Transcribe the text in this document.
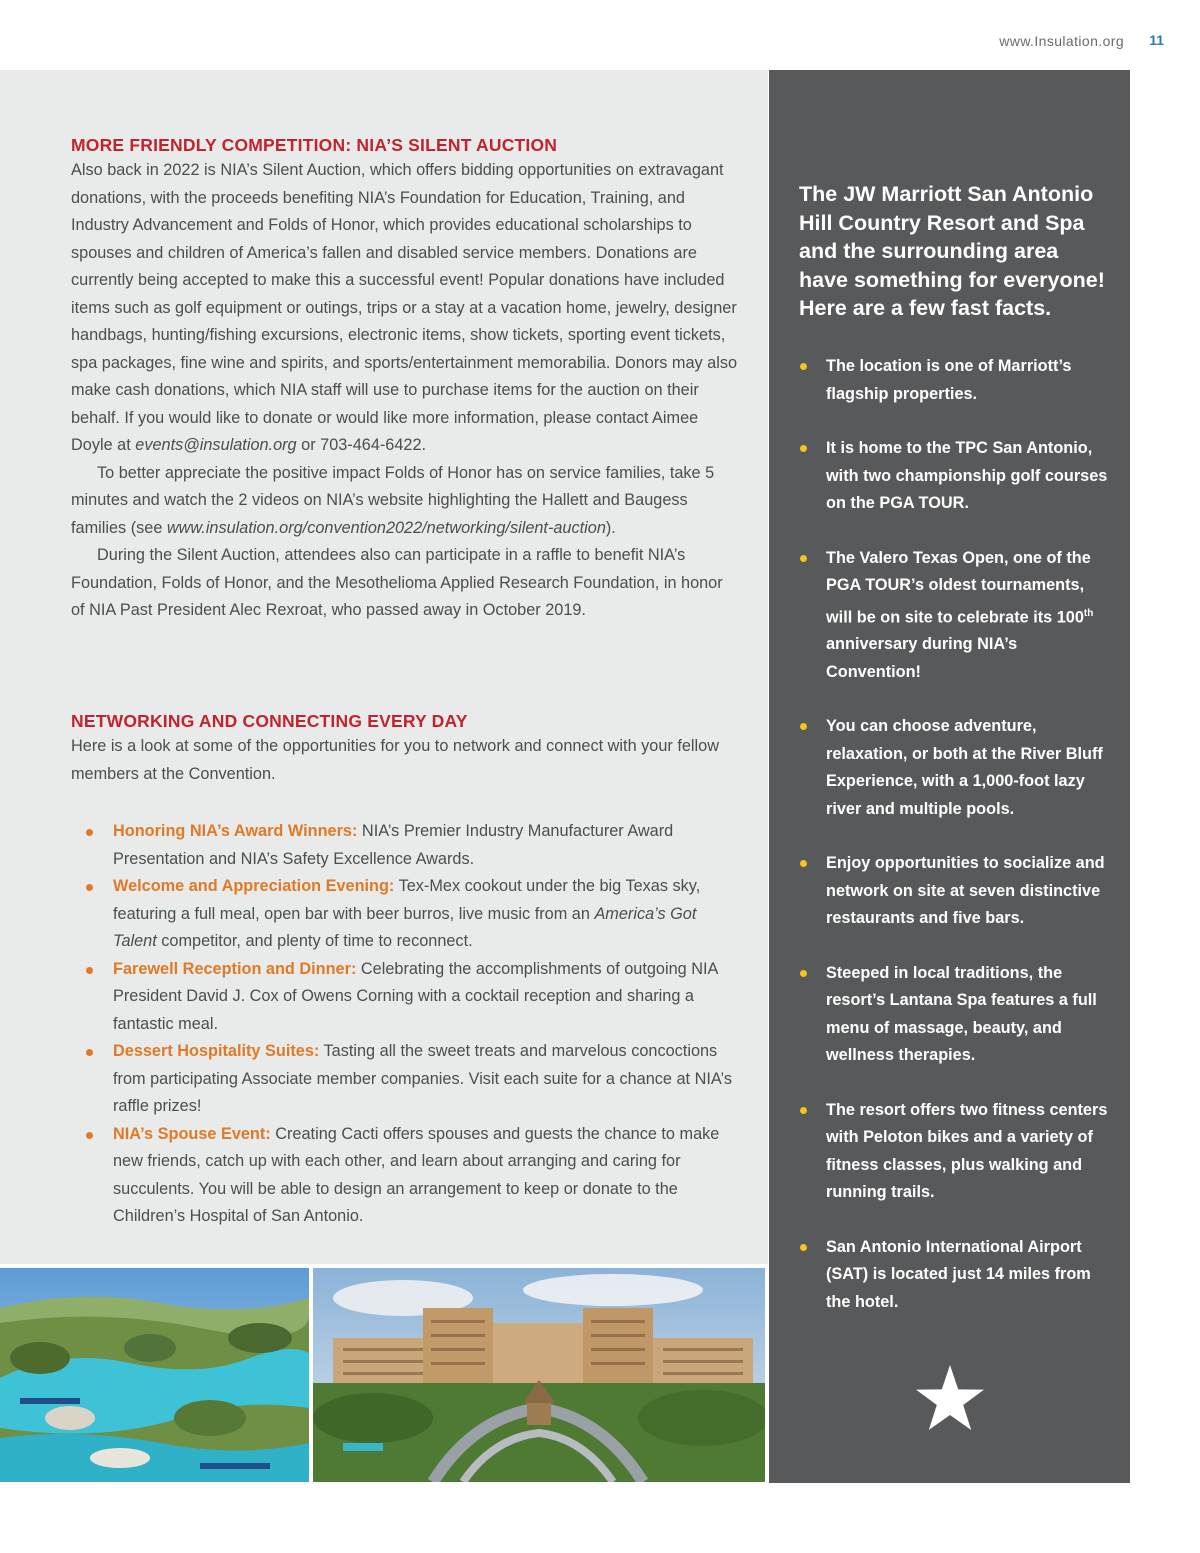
www.Insulation.org 11
MORE FRIENDLY COMPETITION: NIA’S SILENT AUCTION

Also back in 2022 is NIA’s Silent Auction, which offers bidding opportunities on extravagant donations, with the proceeds benefiting NIA’s Foundation for Education, Training, and Industry Advancement and Folds of Honor, which provides educational scholarships to spouses and children of America’s fallen and disabled service members. Donations are currently being accepted to make this a successful event! Popular donations have included items such as golf equipment or outings, trips or a stay at a vacation home, jewelry, designer handbags, hunting/fishing excursions, electronic items, show tickets, sporting event tickets, spa packages, fine wine and spirits, and sports/entertainment memorabilia. Donors may also make cash donations, which NIA staff will use to purchase items for the auction on their behalf. If you would like to donate or would like more information, please contact Aimee Doyle at events@insulation.org or 703-464-6422.

To better appreciate the positive impact Folds of Honor has on service families, take 5 minutes and watch the 2 videos on NIA’s website highlighting the Hallett and Baugess families (see www.insulation.org/convention2022/networking/silent-auction).

During the Silent Auction, attendees also can participate in a raffle to benefit NIA’s Foundation, Folds of Honor, and the Mesothelioma Applied Research Foundation, in honor of NIA Past President Alec Rexroat, who passed away in October 2019.

NETWORKING AND CONNECTING EVERY DAY

Here is a look at some of the opportunities for you to network and connect with your fellow members at the Convention.

Honoring NIA’s Award Winners: NIA’s Premier Industry Manufacturer Award Presentation and NIA’s Safety Excellence Awards.
Welcome and Appreciation Evening: Tex-Mex cookout under the big Texas sky, featuring a full meal, open bar with beer burros, live music from an America’s Got Talent competitor, and plenty of time to reconnect.
Farewell Reception and Dinner: Celebrating the accomplishments of outgoing NIA President David J. Cox of Owens Corning with a cocktail reception and sharing a fantastic meal.
Dessert Hospitality Suites: Tasting all the sweet treats and marvelous concoctions from participating Associate member companies. Visit each suite for a chance at NIA’s raffle prizes!
NIA’s Spouse Event: Creating Cacti offers spouses and guests the chance to make new friends, catch up with each other, and learn about arranging and caring for succulents. You will be able to design an arrangement to keep or donate to the Children’s Hospital of San Antonio.
The JW Marriott San Antonio Hill Country Resort and Spa and the surrounding area have something for everyone! Here are a few fast facts.
The location is one of Marriott’s flagship properties.
It is home to the TPC San Antonio, with two championship golf courses on the PGA TOUR.
The Valero Texas Open, one of the PGA TOUR’s oldest tournaments, will be on site to celebrate its 100th anniversary during NIA’s Convention!
You can choose adventure, relaxation, or both at the River Bluff Experience, with a 1,000-foot lazy river and multiple pools.
Enjoy opportunities to socialize and network on site at seven distinctive restaurants and five bars.
Steeped in local traditions, the resort’s Lantana Spa features a full menu of massage, beauty, and wellness therapies.
The resort offers two fitness centers with Peloton bikes and a variety of fitness classes, plus walking and running trails.
San Antonio International Airport (SAT) is located just 14 miles from the hotel.
